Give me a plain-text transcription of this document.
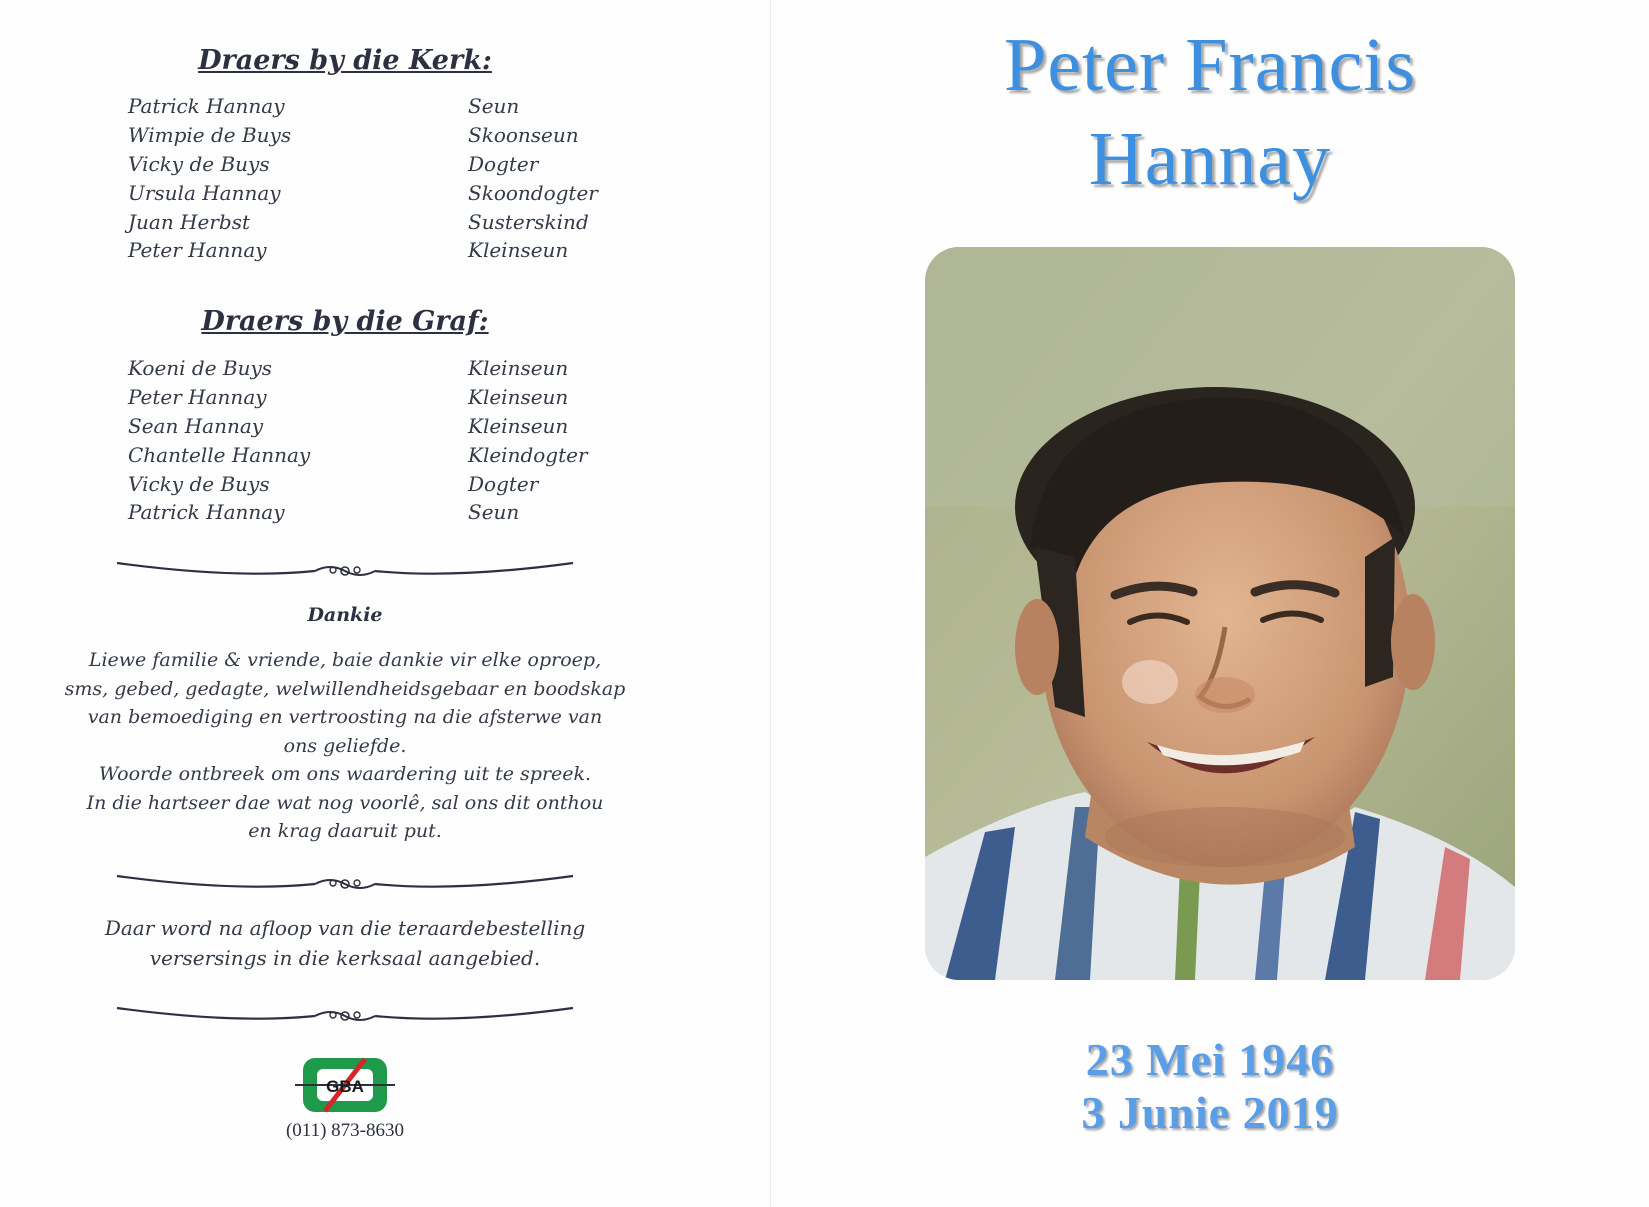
Draers by die Kerk:
Patrick Hannay	Seun
Wimpie de Buys	Skoonseun
Vicky de Buys	Dogter
Ursula Hannay	Skoondogter
Juan Herbst	Susterskind
Peter Hannay	Kleinseun
Draers by die Graf:
Koeni de Buys	Kleinseun
Peter Hannay	Kleinseun
Sean Hannay	Kleinseun
Chantelle Hannay	Kleindogter
Vicky de Buys	Dogter
Patrick Hannay	Seun
Dankie
Liewe familie & vriende, baie dankie vir elke oproep,
sms, gebed, gedagte, welwillendheidsgebaar en boodskap
van bemoediging en vertroosting na die afsterwe van
ons geliefde.
Woorde ontbreek om ons waardering uit te spreek.
In die hartseer dae wat nog voorlê, sal ons dit onthou
en krag daaruit put.
Daar word na afloop van die teraardebestelling
versersings in die kerksaal aangebied.
GBA
(011) 873-8630
Peter Francis
Hannay
23 Mei 1946
3 Junie 2019
